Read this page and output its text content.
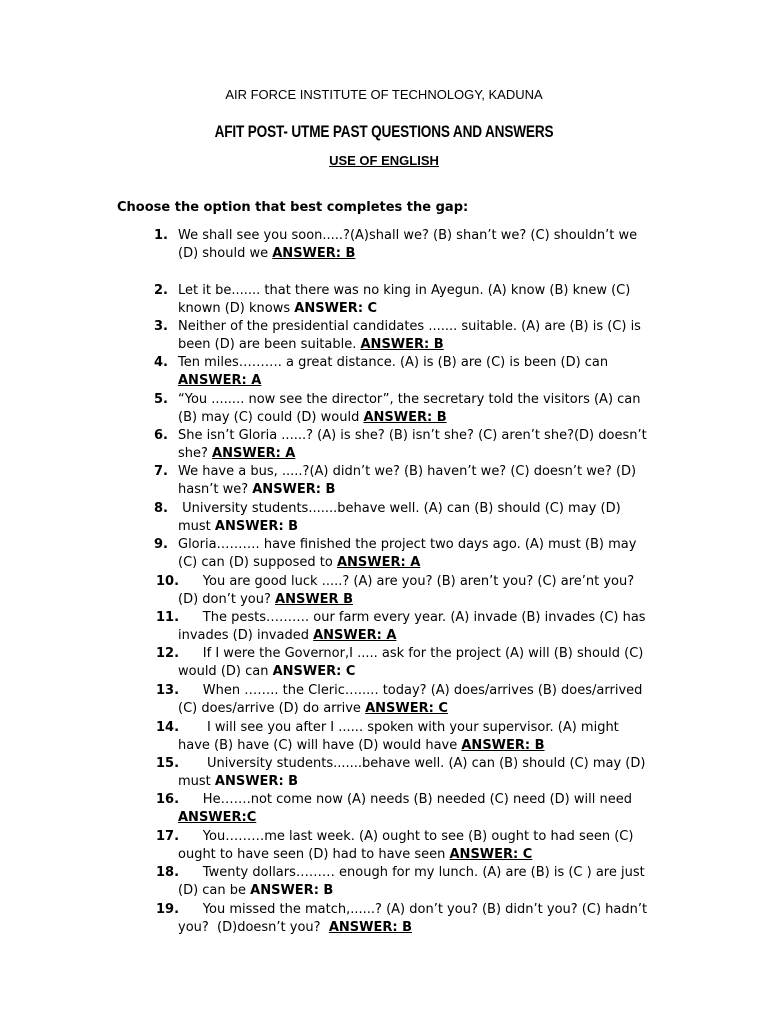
AIR FORCE INSTITUTE OF TECHNOLOGY, KADUNA
AFIT POST- UTME PAST QUESTIONS AND ANSWERS
USE OF ENGLISH
Choose the option that best completes the gap:
1. We shall see you soon.....?(A)shall we? (B) shan’t we? (C) shouldn’t we (D) should we ANSWER: B
2. Let it be....... that there was no king in Ayegun. (A) know (B) knew (C) known (D) knows ANSWER: C
3. Neither of the presidential candidates ....... suitable. (A) are (B) is (C) is been (D) are been suitable. ANSWER: B
4. Ten miles………. a great distance. (A) is (B) are (C) is been (D) can ANSWER: A
5. “You ........ now see the director”, the secretary told the visitors (A) can (B) may (C) could (D) would ANSWER: B
6. She isn’t Gloria ......? (A) is she? (B) isn’t she? (C) aren’t she?(D) doesn’t she? ANSWER: A
7. We have a bus, .....?(A) didn’t we? (B) haven’t we? (C) doesn’t we? (D) hasn’t we? ANSWER: B
8. University students.......behave well. (A) can (B) should (C) may (D) must ANSWER: B
9. Gloria………. have finished the project two days ago. (A) must (B) may (C) can (D) supposed to ANSWER: A
10.
You are good luck .....? (A) are you? (B) aren’t you? (C) are’nt you? (D) don’t you? ANSWER B
11.
The pests………. our farm every year. (A) invade (B) invades (C) has invades (D) invaded ANSWER: A
12.
If I were the Governor,I ..... ask for the project (A) will (B) should (C) would (D) can ANSWER: C
13.
When …….. the Cleric…..... today? (A) does/arrives (B) does/arrived (C) does/arrive (D) do arrive ANSWER: C
14.
I will see you after I ...... spoken with your supervisor. (A) might have (B) have (C) will have (D) would have ANSWER: B
15.
University students.......behave well. (A) can (B) should (C) may (D) must ANSWER: B
16.
He…….not come now (A) needs (B) needed (C) need (D) will need ANSWER:C
17.
You………me last week. (A) ought to see (B) ought to had seen (C) ought to have seen (D) had to have seen ANSWER: C
18.
Twenty dollars……… enough for my lunch. (A) are (B) is (C ) are just (D) can be ANSWER: B
19.
You missed the match,......? (A) don’t you? (B) didn’t you? (C) hadn’t you?  (D)doesn’t you?  ANSWER: B
